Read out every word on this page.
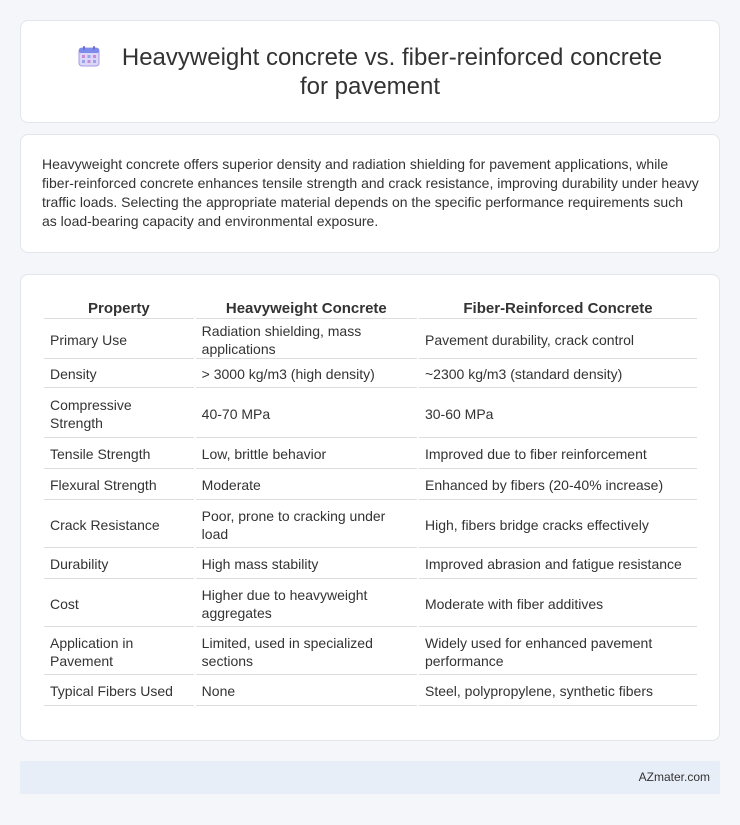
Heavyweight concrete vs. fiber-reinforced concrete for pavement

Heavyweight concrete offers superior density and radiation shielding for pavement applications, while fiber-reinforced concrete enhances tensile strength and crack resistance, improving durability under heavy traffic loads. Selecting the appropriate material depends on the specific performance requirements such as load-bearing capacity and environmental exposure.

Property	Heavyweight Concrete	Fiber-Reinforced Concrete
Primary Use	Radiation shielding, mass applications	Pavement durability, crack control
Density	> 3000 kg/m3 (high density)	~2300 kg/m3 (standard density)
Compressive Strength	40-70 MPa	30-60 MPa
Tensile Strength	Low, brittle behavior	Improved due to fiber reinforcement
Flexural Strength	Moderate	Enhanced by fibers (20-40% increase)
Crack Resistance	Poor, prone to cracking under load	High, fibers bridge cracks effectively
Durability	High mass stability	Improved abrasion and fatigue resistance
Cost	Higher due to heavyweight aggregates	Moderate with fiber additives
Application in Pavement	Limited, used in specialized sections	Widely used for enhanced pavement performance
Typical Fibers Used	None	Steel, polypropylene, synthetic fibers
AZmater.com
